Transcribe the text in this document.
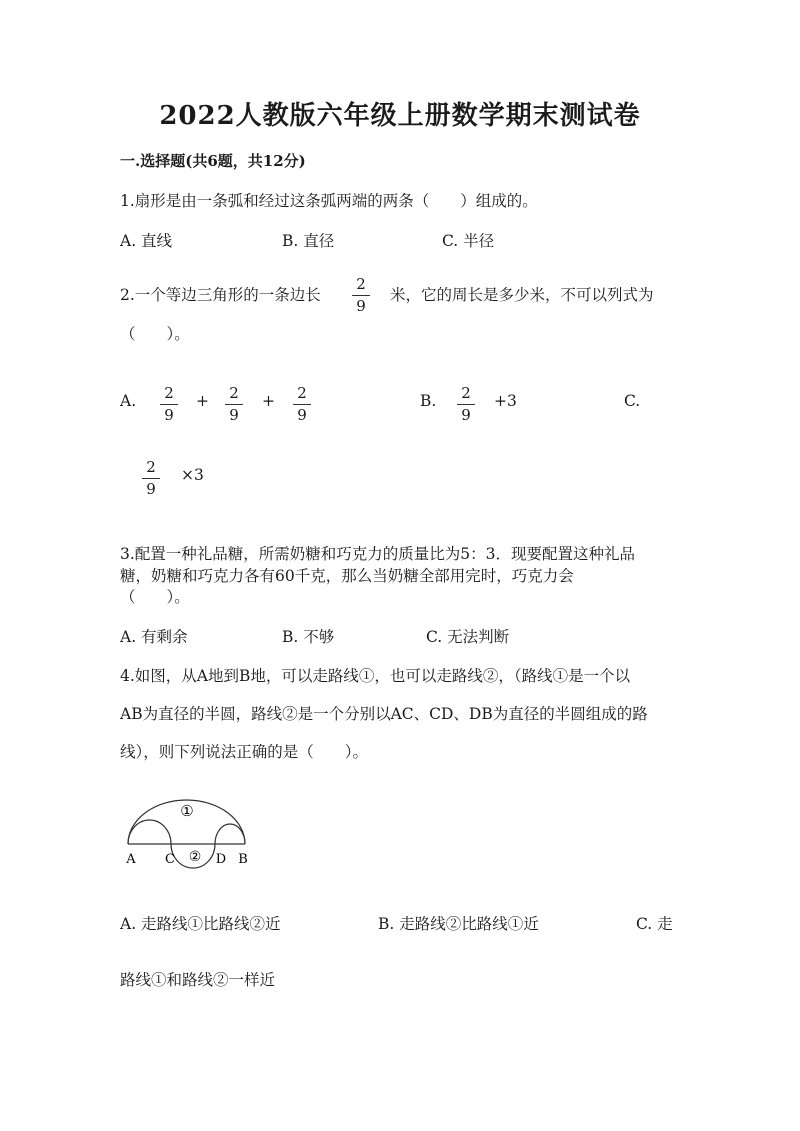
2022人教版六年级上册数学期末测试卷
一.选择题(共6题，共12分)
1.扇形是由一条弧和经过这条弧两端的两条（　　）组成的。
A. 直线	B. 直径	C. 半径
2.一个等边三角形的一条边长
2
9
米，它的周长是多少米，不可以列式为
（　　）。
A.	2
9
+	2
9
+	2
9
B.	2
9
+3	C.
2
9
×3
3.配置一种礼品糖，所需奶糖和巧克力的质量比为5：3．现要配置这种礼品
糖，奶糖和巧克力各有60千克，那么当奶糖全部用完时，巧克力会
（　　）。
A. 有剩余	B. 不够	C. 无法判断
4.如图，从A地到B地，可以走路线①，也可以走路线②，（路线①是一个以
AB为直径的半圆，路线②是一个分别以AC、CD、DB为直径的半圆组成的路
线），则下列说法正确的是（　　）。
①
②
A C	D B
A. 走路线①比路线②近	B. 走路线②比路线①近	C. 走
路线①和路线②一样近
